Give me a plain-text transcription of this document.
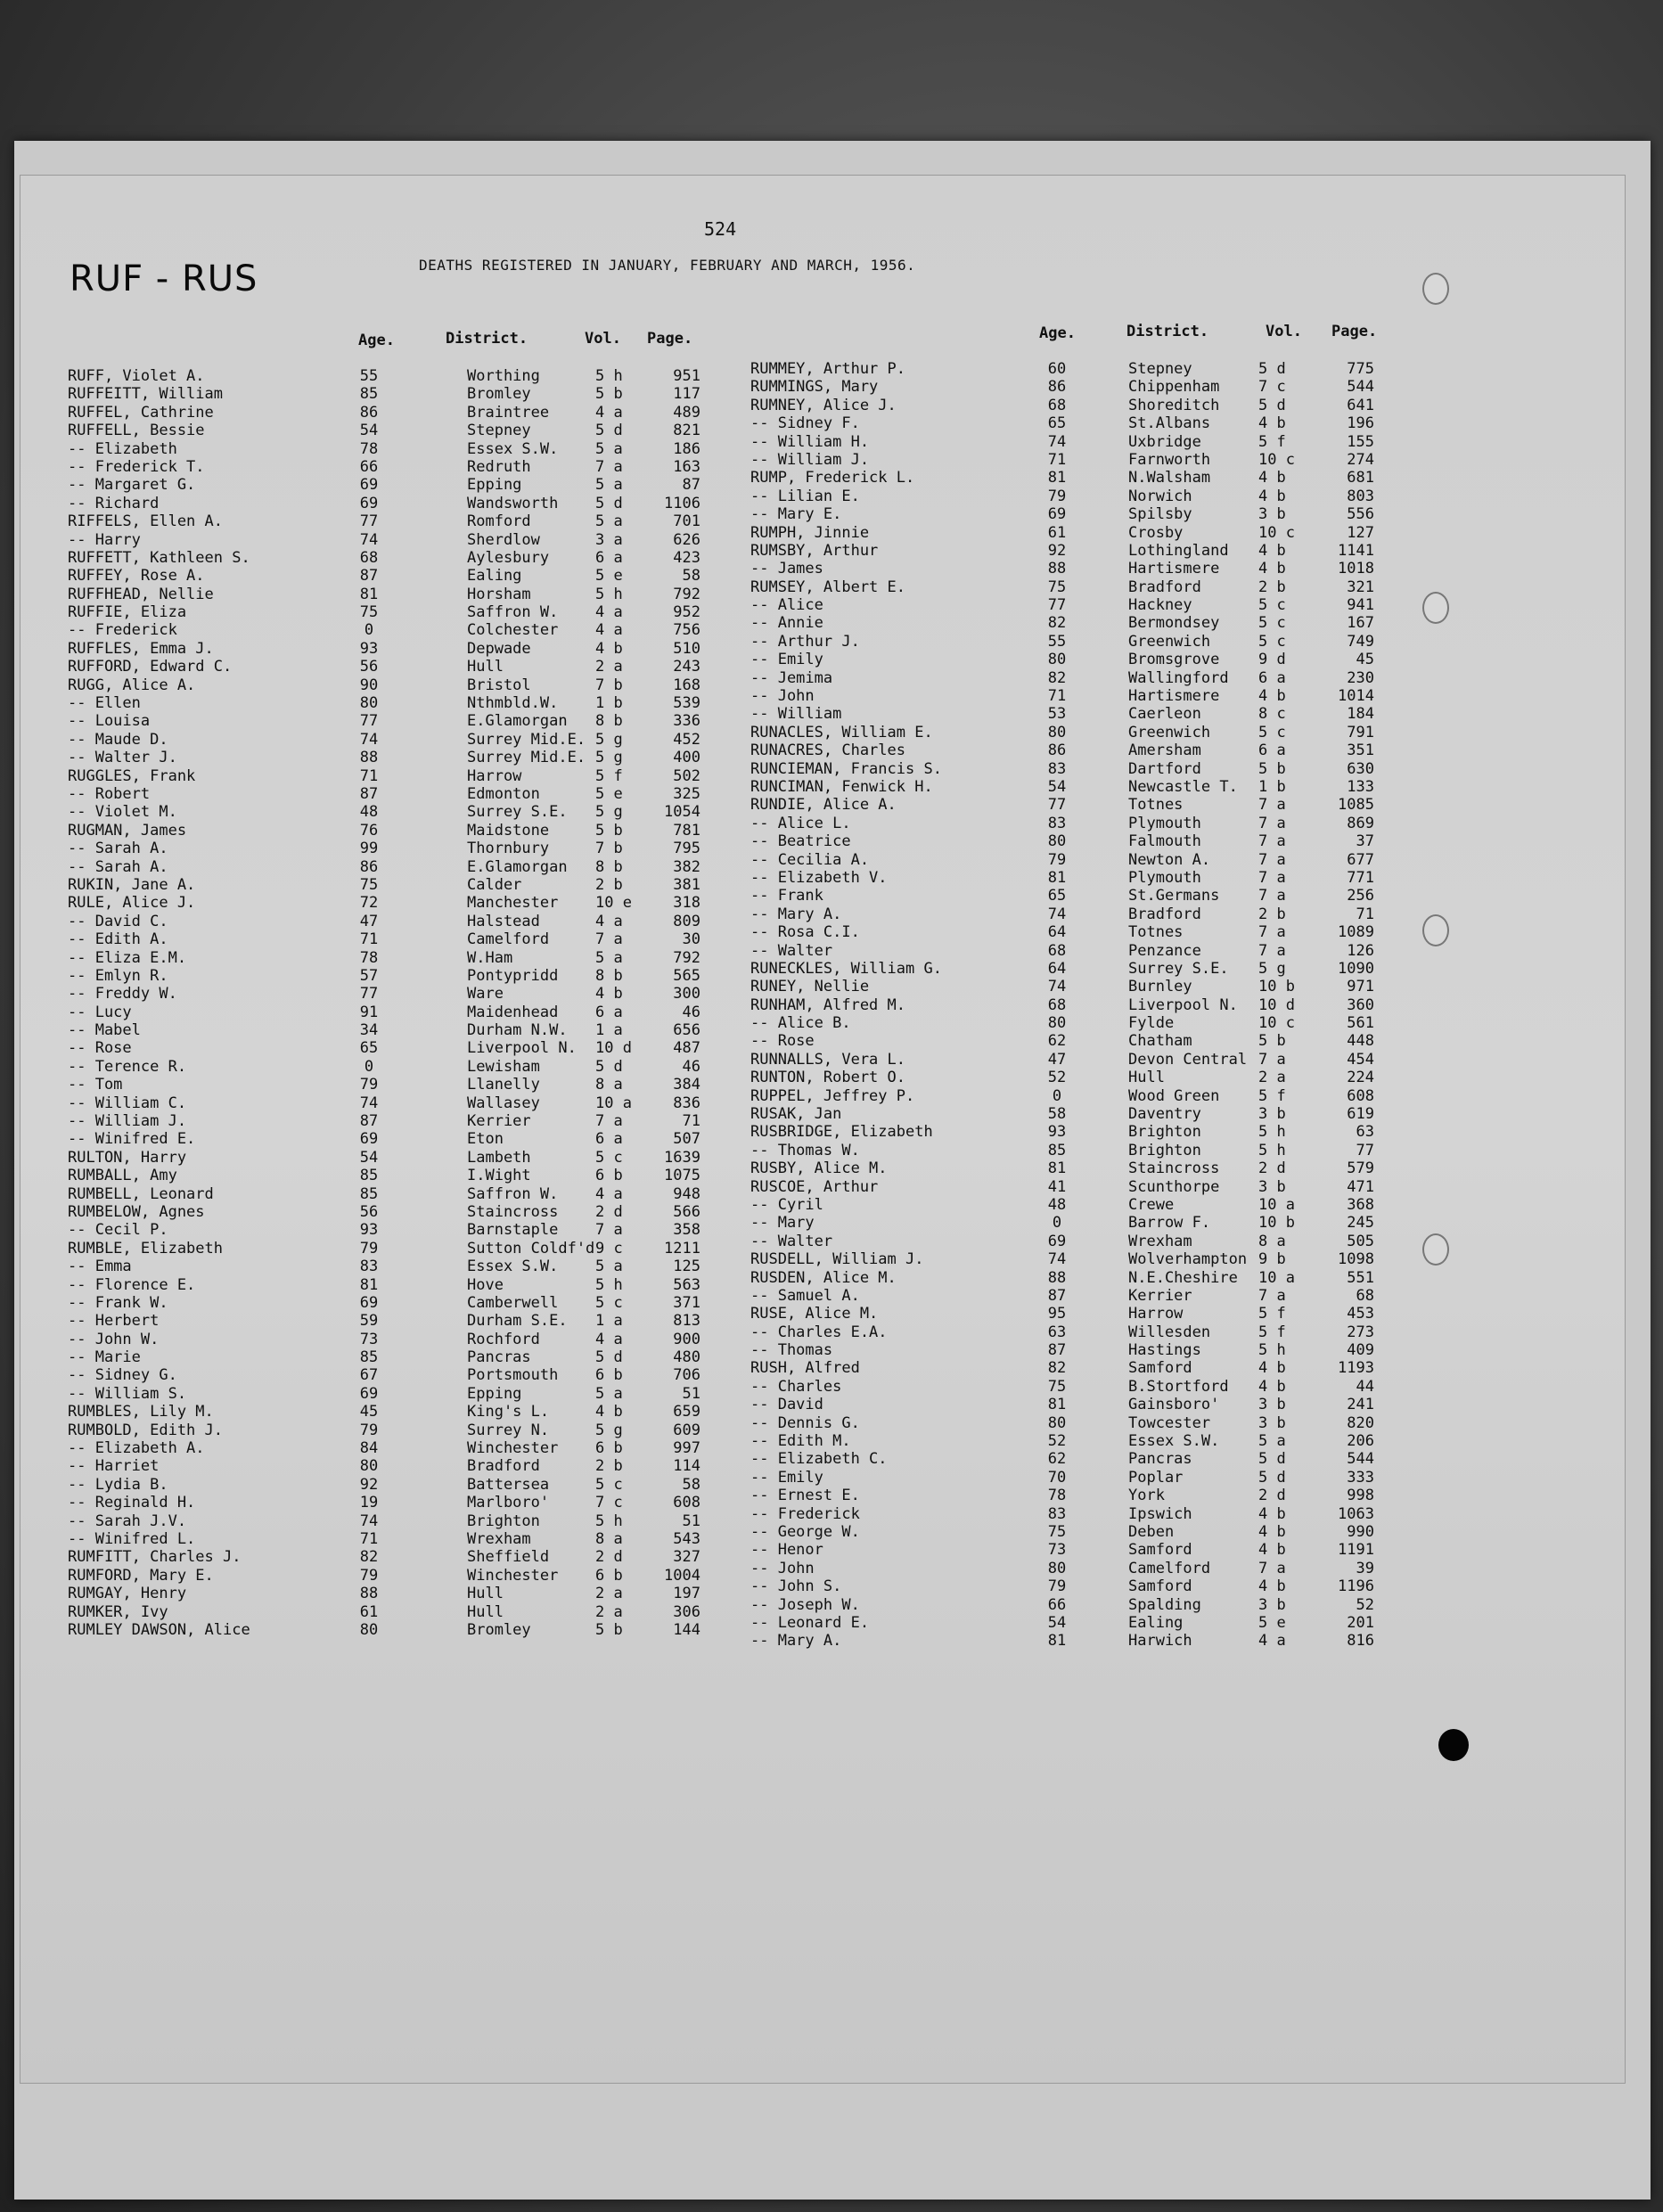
524
RUF - RUS	DEATHS REGISTERED IN JANUARY, FEBRUARY AND MARCH, 1956.
Age.	District.	Vol. Page.	Age.	District.	Vol. Page.
RUFF, Violet A.	55	Worthing	5 h	951
RUFFEITT, William	85	Bromley	5 b	117
RUFFEL, Cathrine	86	Braintree	4 a	489
RUFFELL, Bessie	54	Stepney	5 d	821
-- Elizabeth	78	Essex S.W. 5 a	186
-- Frederick T.	66	Redruth	7 a	163
-- Margaret G.	69	Epping	5 a	87
-- Richard	69	Wandsworth 5 d	1106
RIFFELS, Ellen A.	77	Romford	5 a	701
-- Harry	74	Sherdlow	3 a	626
RUFFETT, Kathleen S.	68	Aylesbury	6 a	423
RUFFEY, Rose A.	87	Ealing	5 e	58
RUFFHEAD, Nellie	81	Horsham	5 h	792
RUFFIE, Eliza	75	Saffron W. 4 a	952
-- Frederick	0	Colchester 4 a	756
RUFFLES, Emma J.	93	Depwade	4 b	510
RUFFORD, Edward C.	56	Hull	2 a	243
RUGG, Alice A.	90	Bristol	7 b	168
-- Ellen	80	Nthmbld.W. 1 b	539
-- Louisa	77	E.Glamorgan 8 b	336
-- Maude D.	74	Surrey Mid.E. 5 g	452
-- Walter J.	88	Surrey Mid.E. 5 g	400
RUGGLES, Frank	71	Harrow	5 f	502
-- Robert	87	Edmonton	5 e	325
-- Violet M.	48	Surrey S.E. 5 g	1054
RUGMAN, James	76	Maidstone	5 b	781
-- Sarah A.	99	Thornbury	7 b	795
-- Sarah A.	86	E.Glamorgan 8 b	382
RUKIN, Jane A.	75	Calder	2 b	381
RULE, Alice J.	72	Manchester 10 e	318
-- David C.	47	Halstead	4 a	809
-- Edith A.	71	Camelford	7 a	30
-- Eliza E.M.	78	W.Ham	5 a	792
-- Emlyn R.	57	Pontypridd 8 b	565
-- Freddy W.	77	Ware	4 b	300
-- Lucy	91	Maidenhead 6 a	46
-- Mabel	34	Durham N.W. 1 a	656
-- Rose	65	Liverpool N. 10 d	487
-- Terence R.	0	Lewisham	5 d	46
-- Tom	79	Llanelly	8 a	384
-- William C.	74	Wallasey	10 a	836
-- William J.	87	Kerrier	7 a	71
-- Winifred E.	69	Eton	6 a	507
RULTON, Harry	54	Lambeth	5 c	1639
RUMBALL, Amy	85	I.Wight	6 b	1075
RUMBELL, Leonard	85	Saffron W. 4 a	948
RUMBELOW, Agnes	56	Staincross 2 d	566
-- Cecil P.	93	Barnstaple 7 a	358
RUMBLE, Elizabeth	79	Sutton Coldf'd 9 c	1211
-- Emma	83	Essex S.W. 5 a	125
-- Florence E.	81	Hove	5 h	563
-- Frank W.	69	Camberwell 5 c	371
-- Herbert	59	Durham S.E. 1 a	813
-- John W.	73	Rochford	4 a	900
-- Marie	85	Pancras	5 d	480
-- Sidney G.	67	Portsmouth 6 b	706
-- William S.	69	Epping	5 a	51
RUMBLES, Lily M.	45	King's L.	4 b	659
RUMBOLD, Edith J.	79	Surrey N.	5 g	609
-- Elizabeth A.	84	Winchester 6 b	997
-- Harriet	80	Bradford	2 b	114
-- Lydia B.	92	Battersea	5 c	58
-- Reginald H.	19	Marlboro'	7 c	608
-- Sarah J.V.	74	Brighton	5 h	51
-- Winifred L.	71	Wrexham	8 a	543
RUMFITT, Charles J.	82	Sheffield	2 d	327
RUMFORD, Mary E.	79	Winchester 6 b	1004
RUMGAY, Henry	88	Hull	2 a	197
RUMKER, Ivy	61	Hull	2 a	306
RUMLEY DAWSON, Alice	80	Bromley	5 b	144
RUMMEY, Arthur P.	60	Stepney	5 d	775
RUMMINGS, Mary	86	Chippenham	7 c	544
RUMNEY, Alice J.	68	Shoreditch	5 d	641
-- Sidney F.	65	St.Albans	4 b	196
-- William H.	74	Uxbridge	5 f	155
-- William J.	71	Farnworth	10 c	274
RUMP, Frederick L.	81	N.Walsham	4 b	681
-- Lilian E.	79	Norwich	4 b	803
-- Mary E.	69	Spilsby	3 b	556
RUMPH, Jinnie	61	Crosby	10 c	127
RUMSBY, Arthur	92	Lothingland 4 b	1141
-- James	88	Hartismere	4 b	1018
RUMSEY, Albert E.	75	Bradford	2 b	321
-- Alice	77	Hackney	5 c	941
-- Annie	82	Bermondsey	5 c	167
-- Arthur J.	55	Greenwich	5 c	749
-- Emily	80	Bromsgrove	9 d	45
-- Jemima	82	Wallingford 6 a	230
-- John	71	Hartismere	4 b	1014
-- William	53	Caerleon	8 c	184
RUNACLES, William E.	80	Greenwich	5 c	791
RUNACRES, Charles	86	Amersham	6 a	351
RUNCIEMAN, Francis S.	83	Dartford	5 b	630
RUNCIMAN, Fenwick H.	54	Newcastle T. 1 b	133
RUNDIE, Alice A.	77	Totnes	7 a	1085
-- Alice L.	83	Plymouth	7 a	869
-- Beatrice	80	Falmouth	7 a	37
-- Cecilia A.	79	Newton A.	7 a	677
-- Elizabeth V.	81	Plymouth	7 a	771
-- Frank	65	St.Germans	7 a	256
-- Mary A.	74	Bradford	2 b	71
-- Rosa C.I.	64	Totnes	7 a	1089
-- Walter	68	Penzance	7 a	126
RUNECKLES, William G.	64	Surrey S.E. 5 g	1090
RUNEY, Nellie	74	Burnley	10 b	971
RUNHAM, Alfred M.	68	Liverpool N. 10 d	360
-- Alice B.	80	Fylde	10 c	561
-- Rose	62	Chatham	5 b	448
RUNNALLS, Vera L.	47	Devon Central 7 a	454
RUNTON, Robert O.	52	Hull	2 a	224
RUPPEL, Jeffrey P.	0	Wood Green	5 f	608
RUSAK, Jan	58	Daventry	3 b	619
RUSBRIDGE, Elizabeth	93	Brighton	5 h	63
-- Thomas W.	85	Brighton	5 h	77
RUSBY, Alice M.	81	Staincross	2 d	579
RUSCOE, Arthur	41	Scunthorpe	3 b	471
-- Cyril	48	Crewe	10 a	368
-- Mary	0	Barrow F.	10 b	245
-- Walter	69	Wrexham	8 a	505
RUSDELL, William J.	74	Wolverhampton 9 b	1098
RUSDEN, Alice M.	88	N.E.Cheshire 10 a	551
-- Samuel A.	87	Kerrier	7 a	68
RUSE, Alice M.	95	Harrow	5 f	453
-- Charles E.A.	63	Willesden	5 f	273
-- Thomas	87	Hastings	5 h	409
RUSH, Alfred	82	Samford	4 b	1193
-- Charles	75	B.Stortford 4 b	44
-- David	81	Gainsboro'	3 b	241
-- Dennis G.	80	Towcester	3 b	820
-- Edith M.	52	Essex S.W.	5 a	206
-- Elizabeth C.	62	Pancras	5 d	544
-- Emily	70	Poplar	5 d	333
-- Ernest E.	78	York	2 d	998
-- Frederick	83	Ipswich	4 b	1063
-- George W.	75	Deben	4 b	990
-- Henor	73	Samford	4 b	1191
-- John	80	Camelford	7 a	39
-- John S.	79	Samford	4 b	1196
-- Joseph W.	66	Spalding	3 b	52
-- Leonard E.	54	Ealing	5 e	201
-- Mary A.	81	Harwich	4 a	816
